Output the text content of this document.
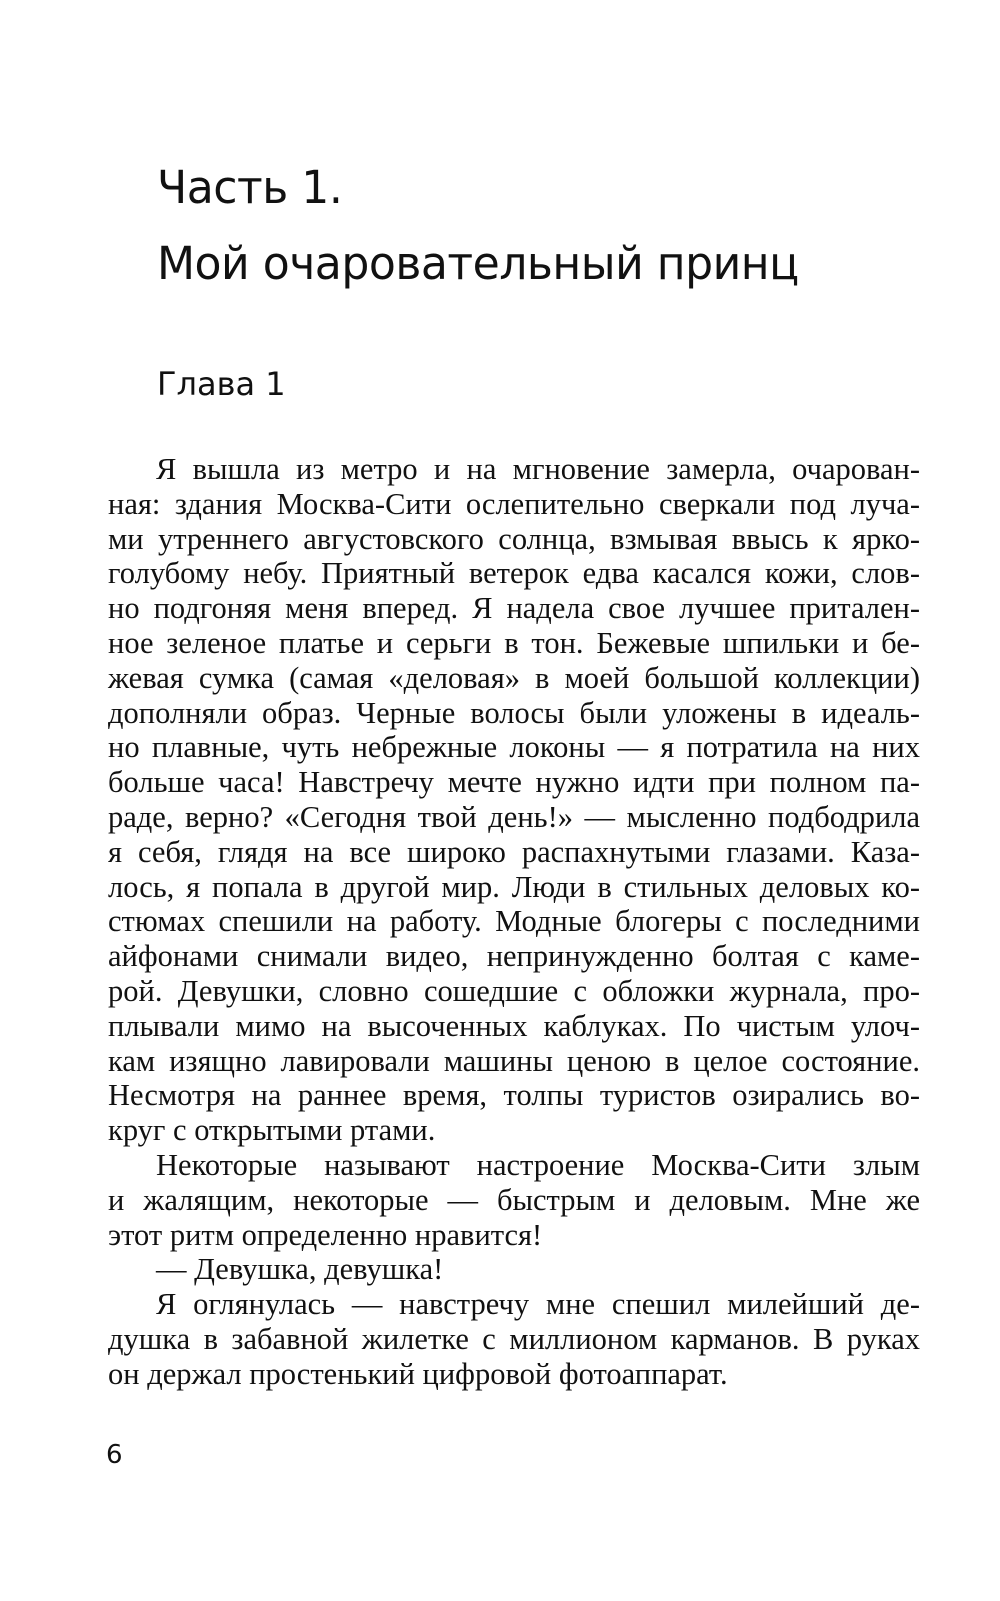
Часть 1.
Мой очаровательный принц
Глава 1
Я вышла из метро и на мгновение замерла, очарован-
ная: здания Москва-Сити ослепительно сверкали под луча-
ми утреннего августовского солнца, взмывая ввысь к ярко-
голубому небу. Приятный ветерок едва касался кожи, слов-
но подгоняя меня вперед. Я надела свое лучшее притален-
ное зеленое платье и серьги в тон. Бежевые шпильки и бе-
жевая сумка (самая «деловая» в моей большой коллекции)
дополняли образ. Черные волосы были уложены в идеаль-
но плавные, чуть небрежные локоны — я потратила на них
больше часа! Навстречу мечте нужно идти при полном па-
раде, верно? «Сегодня твой день!» — мысленно подбодрила
я себя, глядя на все широко распахнутыми глазами. Каза-
лось, я попала в другой мир. Люди в стильных деловых ко-
стюмах спешили на работу. Модные блогеры с последними
айфонами снимали видео, непринужденно болтая с каме-
рой. Девушки, словно сошедшие с обложки журнала, про-
плывали мимо на высоченных каблуках. По чистым улоч-
кам изящно лавировали машины ценою в целое состояние.
Несмотря на раннее время, толпы туристов озирались во-
круг с открытыми ртами.
Некоторые называют настроение Москва-Сити злым
и жалящим, некоторые — быстрым и деловым. Мне же
этот ритм определенно нравится!
— Девушка, девушка!
Я оглянулась — навстречу мне спешил милейший де-
душка в забавной жилетке с миллионом карманов. В руках
он держал простенький цифровой фотоаппарат.
6
